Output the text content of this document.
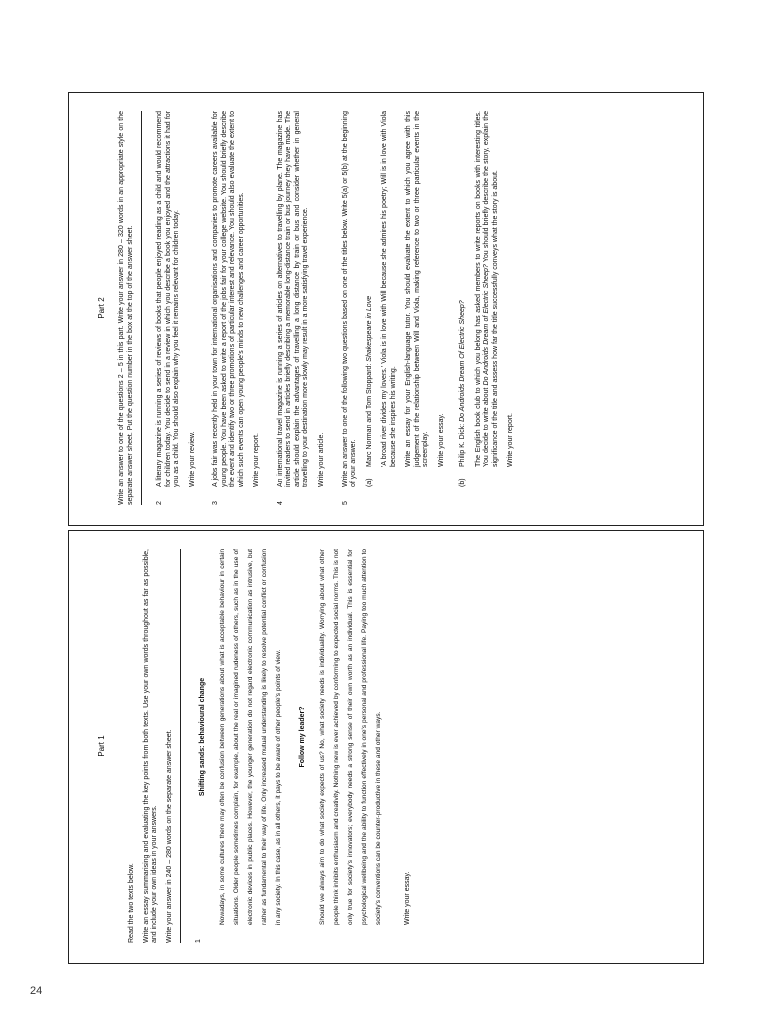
24
Part 1

Read the two texts below. Write an essay summarising and evaluating the key points from both texts. Use your own words throughout as far as possible, and include your own ideas in your answers. Write your answer in 240 – 280 words on the separate answer sheet.	1
Shifting sands: behavioural change	Nowadays, in some cultures there may often be confusion between generations about what is acceptable behaviour in certain situations. Older people sometimes complain, for example, about the real or imagined rudeness of others, such as in the use of electronic devices in public places. However, the younger generation do not regard electronic communication as intrusive, but rather as fundamental to their way of life. Only increased mutual understanding is likely to resolve potential conflict or confusion in any society. In this case, as in all others, it pays to be aware of other people's points of view.	Follow my leader?	Should we always aim to do what society expects of us? No, what society needs is individuality. Worrying about what other people think inhibits enthusiasm and creativity. Nothing new is ever achieved by conforming to expected social norms. This is not only true for society's innovators; everybody needs a strong sense of their own worth as an individual. This is essential for psychological wellbeing and the ability to function effectively in one's personal and professional life. Paying too much attention to society's conventions can be counter-productive in these and other ways.	Write your essay.

Part 2 Write an answer to one of the questions 2 – 5 in this part. Write your answer in 280 – 320 words in an appropriate style on the separate answer sheet. Put the question number in the box at the top of the answer sheet.	2

A literary magazine is running a series of reviews of books that people enjoyed reading as a child and would recommend for children today. You decide to send in a review in which you describe a book you enjoyed and the attractions it had for you as a child. You should also explain why you feel it remains relevant for children today. Write your review.

3

A jobs fair was recently held in your town for international organisations and companies to promote careers available for young people. You have been asked to write a report of the jobs fair for your college website. You should briefly describe the event and identify two or three promotions of particular interest and relevance. You should also evaluate the extent to which such events can open young people's minds to new challenges and career opportunities. Write your report.

4

An international travel magazine is running a series of articles on alternatives to travelling by plane. The magazine has invited readers to send in articles briefly describing a memorable long-distance train or bus journey they have made. The article should explain the advantages of travelling a long distance by train or bus and consider whether in general travelling to your destination more slowly may result in a more satisfying travel experience. Write your article.

5

Write an answer to one of the following two questions based on one of the titles below. Write 5(a) or 5(b) at the beginning of your answer. (a)

Marc Norman and Tom Stoppard: Shakespeare in Love 'A broad river divides my lovers.' Viola is in love with Will because she admires his poetry; Will is in love with Viola because she inspires his writing. Write an essay for your English-language tutor. You should evaluate the extent to which you agree with this judgement of the relationship between Will and Viola, making reference to two or three particular events in the screenplay. Write your essay.

(b)

Philip K. Dick: Do Androids Dream Of Electric Sheep? The English book club to which you belong has asked members to write reports on books with interesting titles. You decide to write about Do Androids Dream of Electric Sheep? You should briefly describe the story, explain the significance of the title and assess how far the title successfully conveys what the story is about. Write your report.
